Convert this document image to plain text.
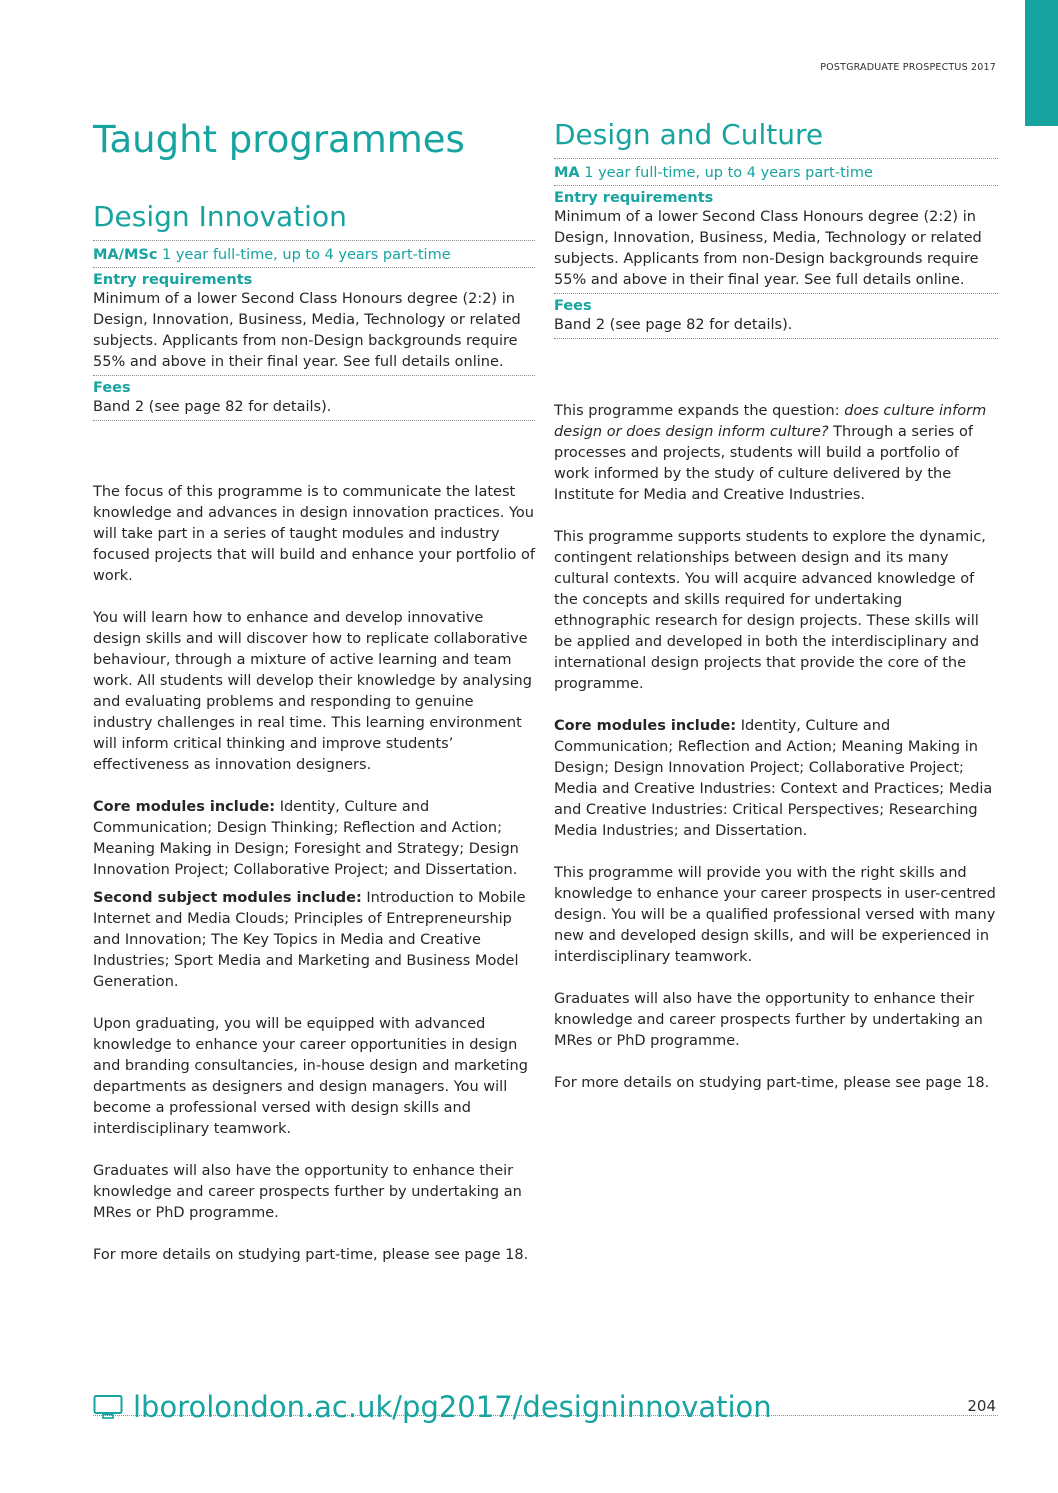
POSTGRADUATE PROSPECTUS 2017
Taught programmes
Design Innovation
MA/MSc 1 year full-time, up to 4 years part-time
Entry requirements
Minimum of a lower Second Class Honours degree (2:2) in Design, Innovation, Business, Media, Technology or related subjects. Applicants from non-Design backgrounds require 55% and above in their final year. See full details online.
Fees
Band 2 (see page 82 for details).

The focus of this programme is to communicate the latest knowledge and advances in design innovation practices. You will take part in a series of taught modules and industry focused projects that will build and enhance your portfolio of work.

You will learn how to enhance and develop innovative design skills and will discover how to replicate collaborative behaviour, through a mixture of active learning and team work. All students will develop their knowledge by analysing and evaluating problems and responding to genuine industry challenges in real time. This learning environment will inform critical thinking and improve students’ effectiveness as innovation designers.

Core modules include: Identity, Culture and Communication; Design Thinking; Reflection and Action; Meaning Making in Design; Foresight and Strategy; Design Innovation Project; Collaborative Project; and Dissertation.

Second subject modules include: Introduction to Mobile Internet and Media Clouds; Principles of Entrepreneurship and Innovation; The Key Topics in Media and Creative Industries; Sport Media and Marketing and Business Model Generation.

Upon graduating, you will be equipped with advanced knowledge to enhance your career opportunities in design and branding consultancies, in-house design and marketing departments as designers and design managers. You will become a professional versed with design skills and interdisciplinary teamwork.

Graduates will also have the opportunity to enhance their knowledge and career prospects further by undertaking an MRes or PhD programme.

For more details on studying part-time, please see page 18.

Design and Culture
MA 1 year full-time, up to 4 years part-time
Entry requirements
Minimum of a lower Second Class Honours degree (2:2) in Design, Innovation, Business, Media, Technology or related subjects. Applicants from non-Design backgrounds require 55% and above in their final year. See full details online.
Fees
Band 2 (see page 82 for details).

This programme expands the question: does culture inform design or does design inform culture? Through a series of processes and projects, students will build a portfolio of work informed by the study of culture delivered by the Institute for Media and Creative Industries.

This programme supports students to explore the dynamic, contingent relationships between design and its many cultural contexts. You will acquire advanced knowledge of the concepts and skills required for undertaking ethnographic research for design projects. These skills will be applied and developed in both the interdisciplinary and international design projects that provide the core of the programme.

Core modules include: Identity, Culture and Communication; Reflection and Action; Meaning Making in Design; Design Innovation Project; Collaborative Project; Media and Creative Industries: Context and Practices; Media and Creative Industries: Critical Perspectives; Researching Media Industries; and Dissertation.

This programme will provide you with the right skills and knowledge to enhance your career prospects in user-centred design. You will be a qualified professional versed with many new and developed design skills, and will be experienced in interdisciplinary teamwork.

Graduates will also have the opportunity to enhance their knowledge and career prospects further by undertaking an MRes or PhD programme.

For more details on studying part-time, please see page 18.

lborolondon.ac.uk/pg2017/designinnovation	204
